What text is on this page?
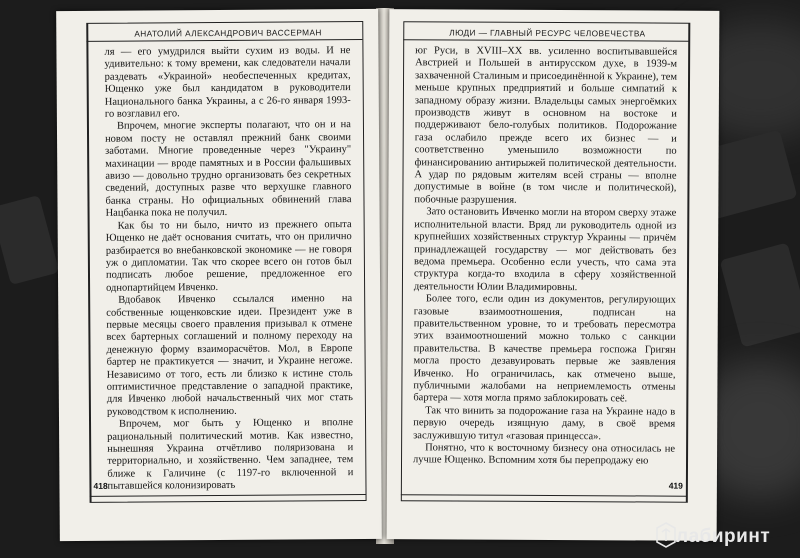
АНАТОЛИЙ АЛЕКСАНДРОВИЧ ВАССЕРМАН

ля — его умудрился выйти сухим из воды. И не удивительно: к тому времени, как следователи начали раздевать «Украиной» необеспеченных кредитах, Ющенко уже был кандидатом в руководители Национального банка Украины, а с 26-го января 1993-го возглавил его.

Впрочем, многие эксперты полагают, что он и на новом посту не оставлял прежний банк своими заботами. Многие проведенные через "Украину" махинации — вроде памятных и в России фальшивых авизо — довольно трудно организовать без секретных сведений, доступных разве что верхушке главного банка страны. Но официальных обвинений глава Нацбанка пока не получил.

Как бы то ни было, ничто из прежнего опыта Ющенко не даёт основания считать, что он прилично разбирается во внебанковской экономике — не говоря уж о дипломатии. Так что скорее всего он готов был подписать любое решение, предложенное его однопартийцем Ивченко.

Вдобавок Ивченко ссылался именно на собственные ющенковские идеи. Президент уже в первые месяцы своего правления призывал к отмене всех бартерных соглашений и полному переходу на денежную форму взаиморасчётов. Мол, в Европе бартер не практикуется — значит, и Украине негоже. Независимо от того, есть ли близко к истине столь оптимистичное представление о западной практике, для Ивченко любой начальственный чих мог стать руководством к исполнению.

Впрочем, мог быть у Ющенко и вполне рациональный политический мотив. Как известно, нынешняя Украина отчётливо поляризована и территориально, и хозяйственно. Чем западнее, тем ближе к Галичине (с 1197-го включенной и пытавшейся колонизировать

418
ЛЮДИ — ГЛАВНЫЙ РЕСУРС ЧЕЛОВЕЧЕСТВА

юг Руси, в XVIII–XX вв. усиленно воспитывавшейся Австрией и Польшей в антирусском духе, в 1939-м захваченной Сталиным и присоединённой к Украине), тем меньше крупных предприятий и больше симпатий к западному образу жизни. Владельцы самых энергоёмких производств живут в основном на востоке и поддерживают бело-голубых политиков. Подорожание газа ослабило прежде всего их бизнес — и соответственно уменьшило возможности по финансированию антирыжей политической деятельности. А удар по рядовым жителям всей страны — вполне допустимые в войне (в том числе и политической), побочные разрушения.

Зато остановить Ивченко могли на втором сверху этаже исполнительной власти. Вряд ли руководитель одной из крупнейших хозяйственных структур Украины — причём принадлежащей государству — мог действовать без ведома премьера. Особенно если учесть, что сама эта структура когда-то входила в сферу хозяйственной деятельности Юлии Владимировны.

Более того, если один из документов, регулирующих газовые взаимоотношения, подписан на правительственном уровне, то и требовать пересмотра этих взаимоотношений можно только с санкции правительства. В качестве премьера госпожа Григян могла просто дезавуировать первые же заявления Ивченко. Но ограничилась, как отмечено выше, публичными жалобами на неприемлемость отмены бартера — хотя могла прямо заблокировать сеё.

Так что винить за подорожание газа на Украине надо в первую очередь изящную даму, в своё время заслужившую титул «газовая принцесса».

Понятно, что к восточному бизнесу она относилась не лучше Ющенко. Вспомним хотя бы перепродажу ею

419
лабиринт
